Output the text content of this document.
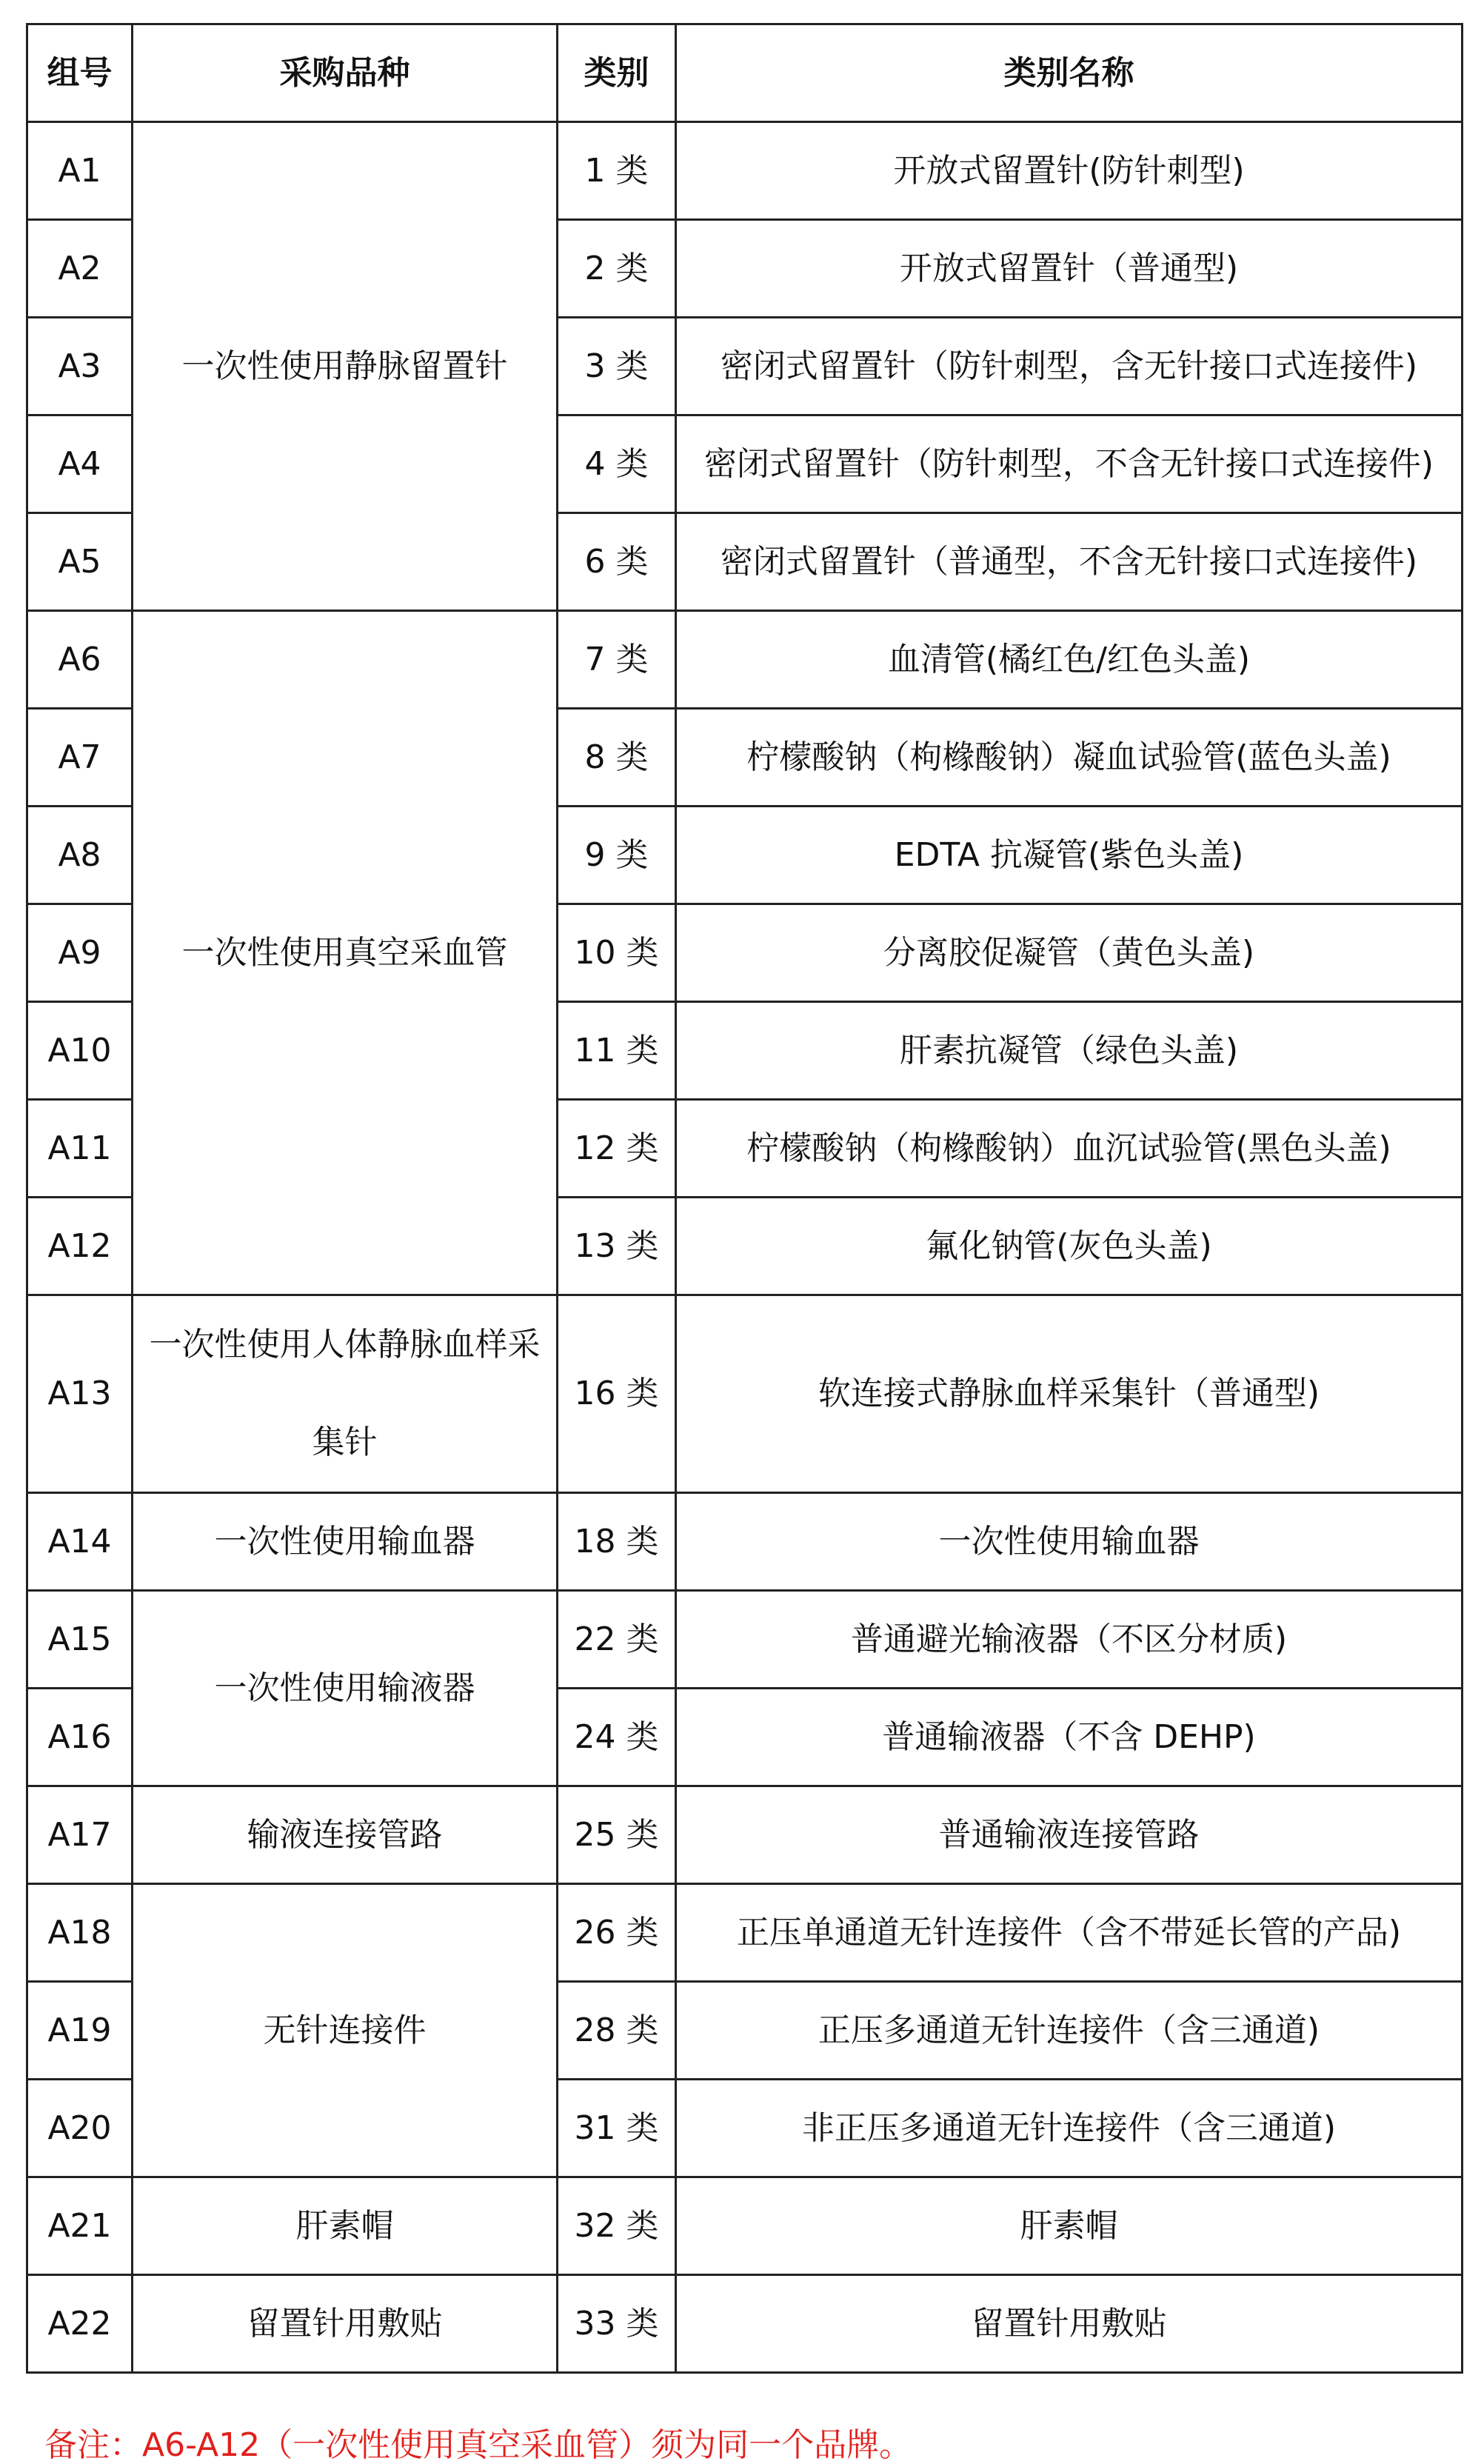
组号	采购品种	类别	类别名称
A1	一次性使用静脉留置针	1 类	开放式留置针(防针刺型)
A2		2 类	开放式留置针（普通型)
A3		3 类	密闭式留置针（防针刺型，含无针接口式连接件)
A4		4 类	密闭式留置针（防针刺型，不含无针接口式连接件)
A5		6 类	密闭式留置针（普通型，不含无针接口式连接件)
A6	一次性使用真空采血管	7 类	血清管(橘红色/红色头盖)
A7		8 类	柠檬酸钠（枸橼酸钠）凝血试验管(蓝色头盖)
A8		9 类	EDTA 抗凝管(紫色头盖)
A9		10 类	分离胶促凝管（黄色头盖)
A10		11 类	肝素抗凝管（绿色头盖)
A11		12 类	柠檬酸钠（枸橼酸钠）血沉试验管(黑色头盖)
A12		13 类	氟化钠管(灰色头盖)
A13	一次性使用人体静脉血样采集针	16 类	软连接式静脉血样采集针（普通型)
A14	一次性使用输血器	18 类	一次性使用输血器
A15	一次性使用输液器	22 类	普通避光输液器（不区分材质)
A16		24 类	普通输液器（不含 DEHP)
A17	输液连接管路	25 类	普通输液连接管路
A18	无针连接件	26 类	正压单通道无针连接件（含不带延长管的产品)
A19		28 类	正压多通道无针连接件（含三通道)
A20		31 类	非正压多通道无针连接件（含三通道)
A21	肝素帽	32 类	肝素帽
A22	留置针用敷贴	33 类	留置针用敷贴
备注：A6-A12（一次性使用真空采血管）须为同一个品牌。
